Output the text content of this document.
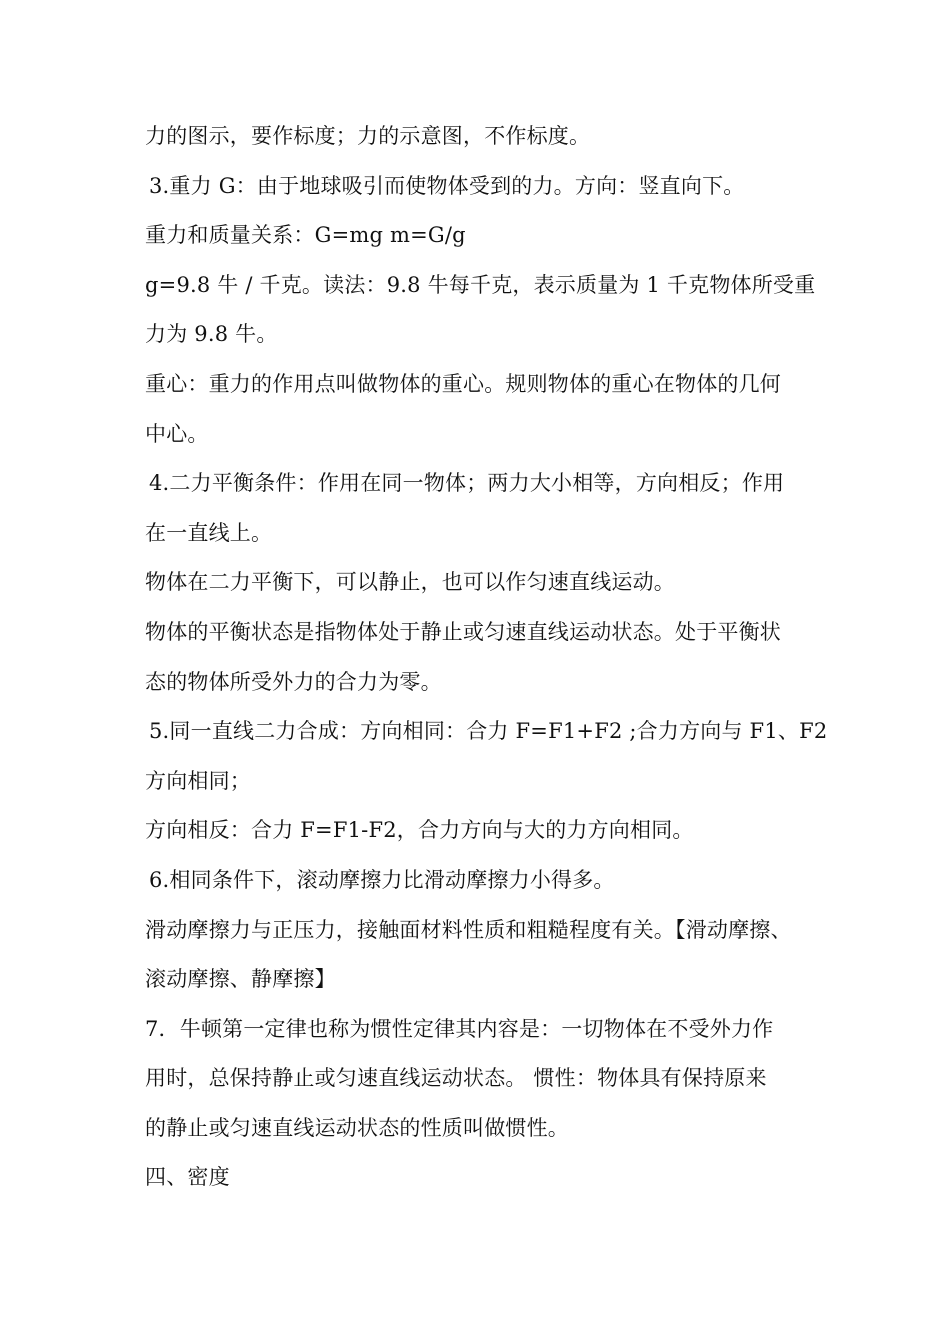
力的图示，要作标度；力的示意图，不作标度。
3.重力 G：由于地球吸引而使物体受到的力。方向：竖直向下。
重力和质量关系：G=mg m=G/g
g=9.8 牛 / 千克。读法：9.8 牛每千克，表示质量为 1 千克物体所受重
力为 9.8 牛。
重心：重力的作用点叫做物体的重心。规则物体的重心在物体的几何
中心。
4.二力平衡条件：作用在同一物体；两力大小相等，方向相反；作用
在一直线上。
物体在二力平衡下，可以静止，也可以作匀速直线运动。
物体的平衡状态是指物体处于静止或匀速直线运动状态。处于平衡状
态的物体所受外力的合力为零。
5.同一直线二力合成：方向相同：合力 F=F1+F2 ;合力方向与 F1、F2
方向相同；
方向相反：合力 F=F1-F2，合力方向与大的力方向相同。
6.相同条件下，滚动摩擦力比滑动摩擦力小得多。
滑动摩擦力与正压力，接触面材料性质和粗糙程度有关。【滑动摩擦、
滚动摩擦、静摩擦】
7．牛顿第一定律也称为惯性定律其内容是：一切物体在不受外力作
用时，总保持静止或匀速直线运动状态。 惯性：物体具有保持原来
的静止或匀速直线运动状态的性质叫做惯性。
四、密度
